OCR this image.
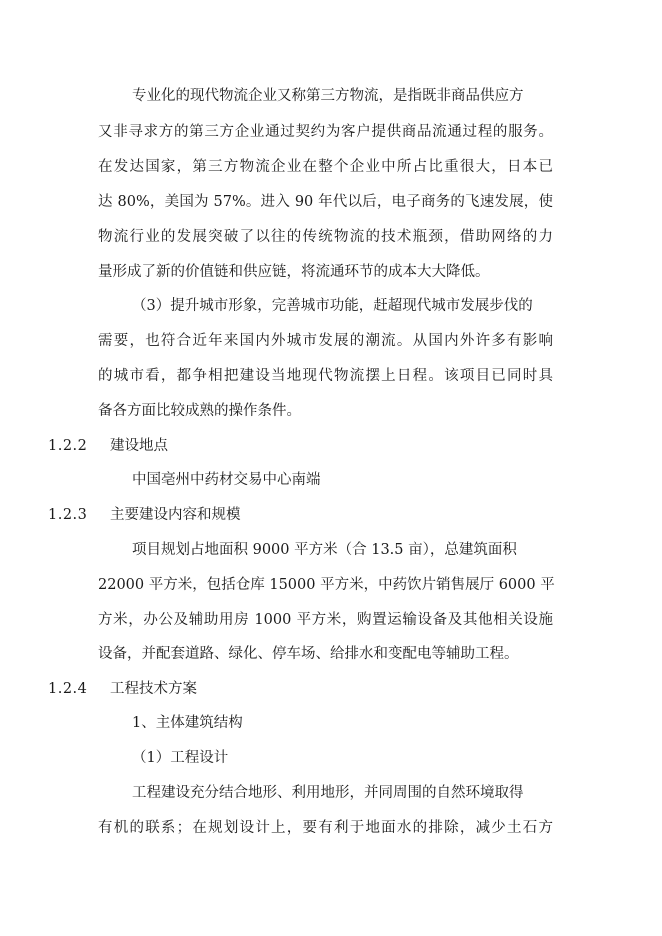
专业化的现代物流企业又称第三方物流，是指既非商品供应方
又非寻求方的第三方企业通过契约为客户提供商品流通过程的服务。
在发达国家，第三方物流企业在整个企业中所占比重很大，日本已
达 80%，美国为 57%。进入 90 年代以后，电子商务的飞速发展，使
物流行业的发展突破了以往的传统物流的技术瓶颈，借助网络的力
量形成了新的价值链和供应链，将流通环节的成本大大降低。
（3）提升城市形象，完善城市功能，赶超现代城市发展步伐的
需要，也符合近年来国内外城市发展的潮流。从国内外许多有影响
的城市看，都争相把建设当地现代物流摆上日程。该项目已同时具
备各方面比较成熟的操作条件。
1.2.2 建设地点
中国亳州中药材交易中心南端
1.2.3 主要建设内容和规模
项目规划占地面积 9000 平方米（合 13.5 亩），总建筑面积
22000 平方米，包括仓库 15000 平方米，中药饮片销售展厅 6000 平
方米，办公及辅助用房 1000 平方米，购置运输设备及其他相关设施
设备，并配套道路、绿化、停车场、给排水和变配电等辅助工程。
1.2.4 工程技术方案
1、主体建筑结构
（1）工程设计
工程建设充分结合地形、利用地形，并同周围的自然环境取得
有机的联系；在规划设计上，要有利于地面水的排除，减少土石方
